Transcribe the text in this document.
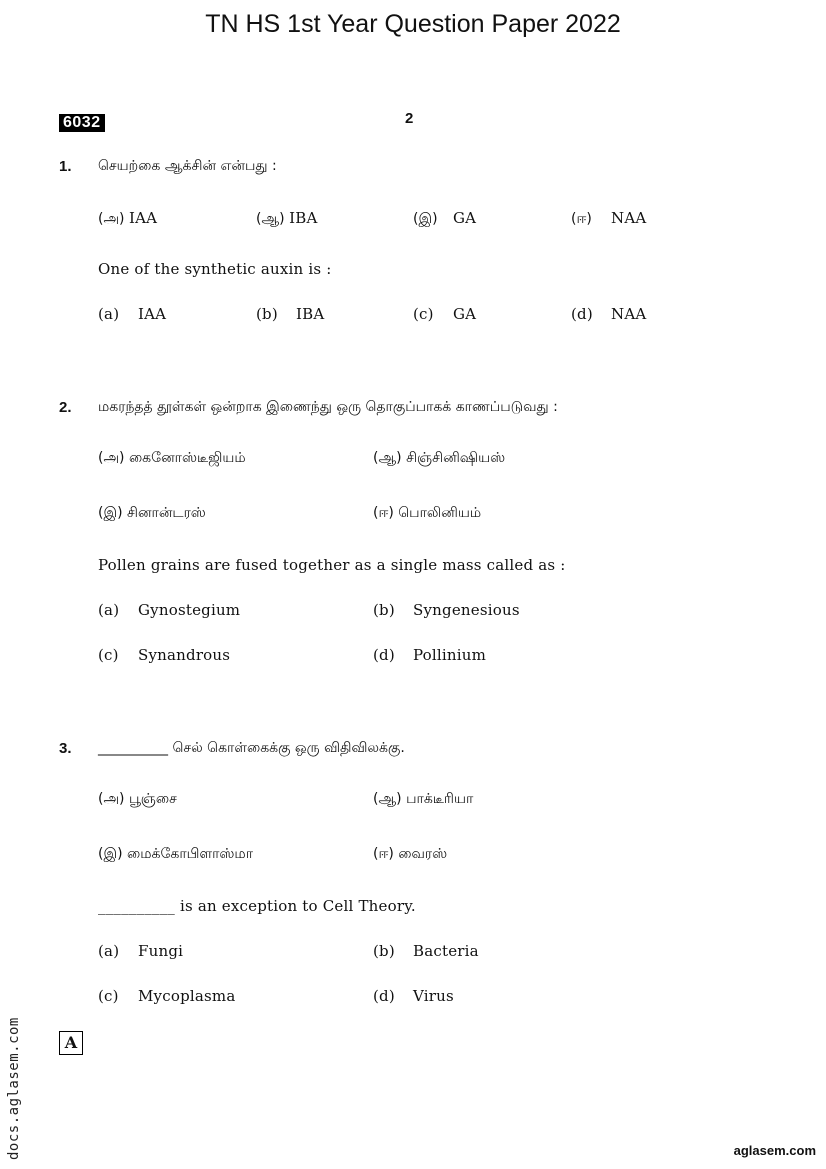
TN HS 1st Year Question Paper 2022
6032	2
1. செயற்கை ஆக்சின் என்பது :
(அ) IAA	(ஆ) IBA	(இ) GA	(ஈ) NAA
One of the synthetic auxin is :
(a) IAA	(b) IBA	(c) GA	(d) NAA
2. மகரந்தத் தூள்கள் ஒன்றாக இணைந்து ஒரு தொகுப்பாகக் காணப்படுவது :
(அ) கைனோஸ்டீஜியம்	(ஆ) சிஞ்சினிஷியஸ்
(இ) சினான்டரஸ்	(ஈ) பொலினியம்
Pollen grains are fused together as a single mass called as :
(a) Gynostegium	(b) Syngenesious
(c) Synandrous	(d) Pollinium
3. __________ செல் கொள்கைக்கு ஒரு விதிவிலக்கு.
(அ) பூஞ்சை	(ஆ) பாக்டீரியா
(இ) மைக்கோபிளாஸ்மா	(ஈ) வைரஸ்
__________ is an exception to Cell Theory.
(a) Fungi	(b) Bacteria
(c) Mycoplasma	(d) Virus
docs.aglasem.com	A
aglasem.com
